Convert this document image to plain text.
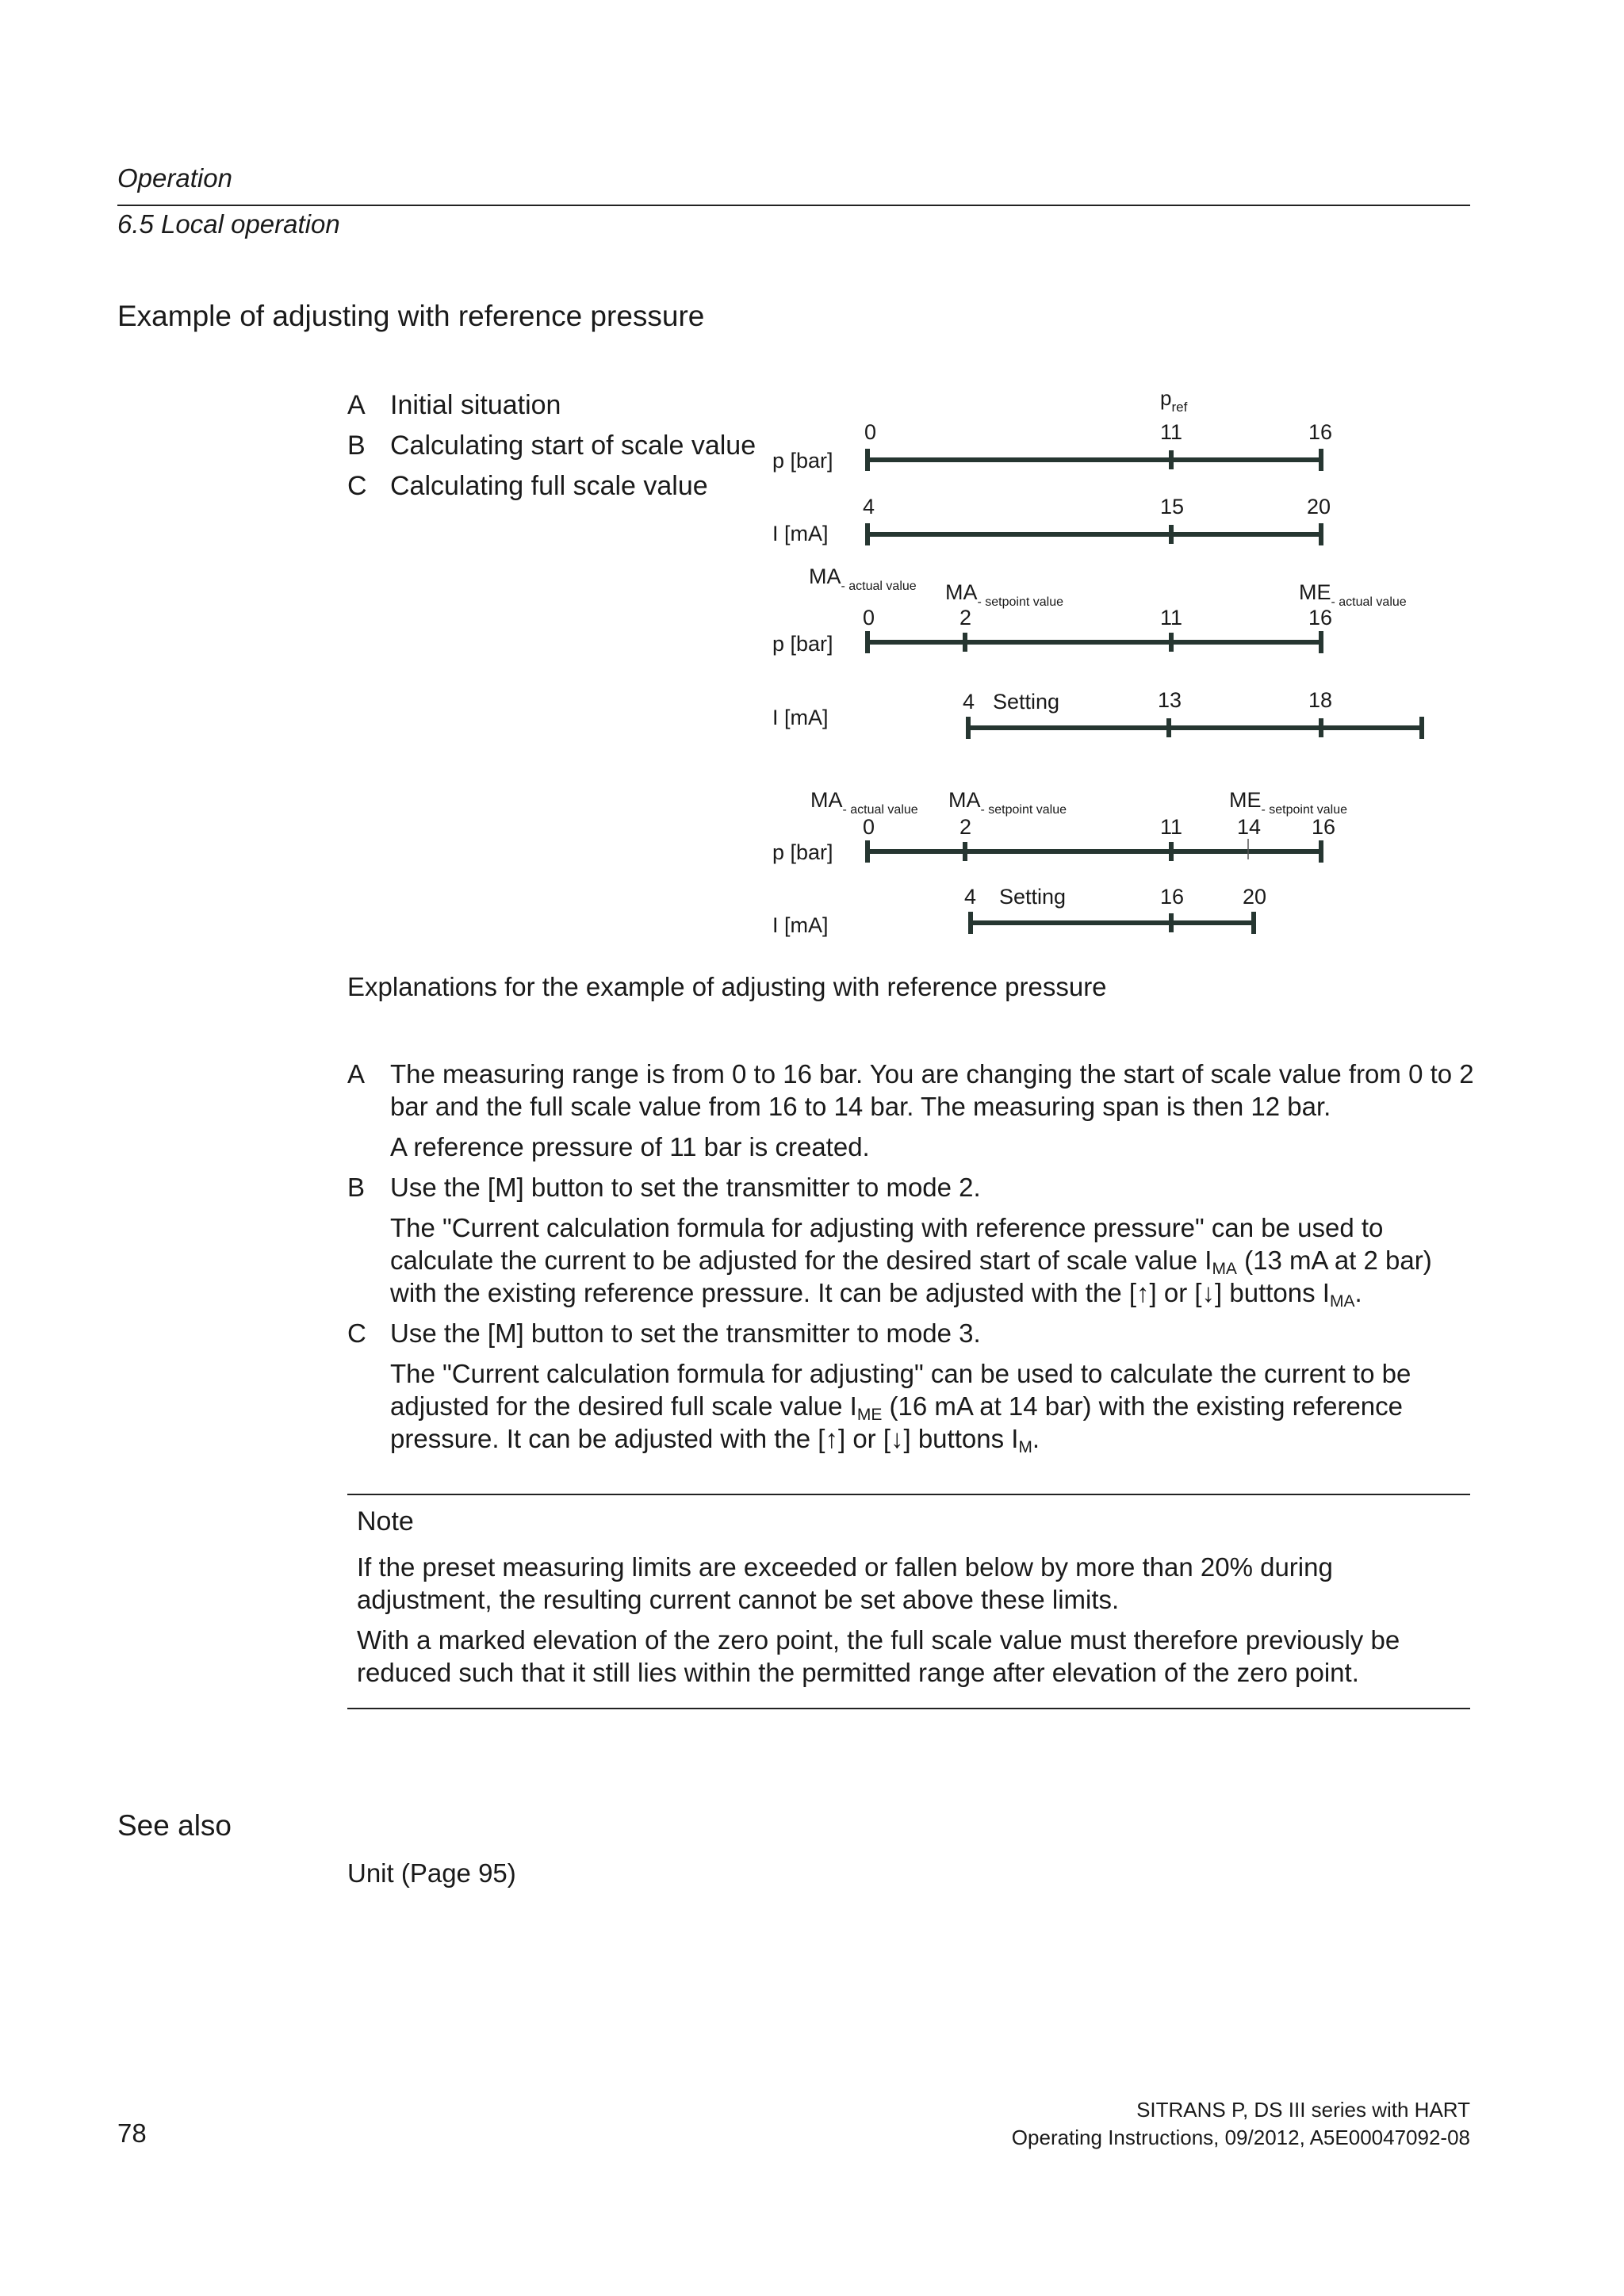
Operation
6.5 Local operation
Example of adjusting with reference pressure
A Initial situation
B Calculating start of scale value
C Calculating full scale value
p [bar]
I [mA]
p [bar]
I [mA]
p [bar]
I [mA]
$p_{ref}$
0	11	16
4	15	20
$MA_{- actual value}$ $MA_{- setpoint value}$	$ME_{- actual value}$
0	2	11	16
4 Setting	13	18
$MA_{- actual value}$ $MA_{- setpoint value}$	$ME_{- setpoint value}$
0	2	11	14 16
4 Setting	16	20
Explanations for the example of adjusting with reference pressure
A The measuring range is from 0 to 16 bar. You are changing the start of scale value from 0 to 2 bar and the full scale value from 16 to 14 bar. The measuring span is then 12 bar.

A reference pressure of 11 bar is created.

B Use the [M] button to set the transmitter to mode 2.

The "Current calculation formula for adjusting with reference pressure" can be used to calculate the current to be adjusted for the desired start of scale value $I_{MA}$ (13 mA at 2 bar) with the existing reference pressure. It can be adjusted with the [↑] or [↓] buttons $I_{MA}$.

C Use the [M] button to set the transmitter to mode 3.

The "Current calculation formula for adjusting" can be used to calculate the current to be adjusted for the desired full scale value $I_{ME}$ (16 mA at 14 bar) with the existing reference pressure. It can be adjusted with the [↑] or [↓] buttons $I_M$.

Note

If the preset measuring limits are exceeded or fallen below by more than 20% during adjustment, the resulting current cannot be set above these limits.

With a marked elevation of the zero point, the full scale value must therefore previously be reduced such that it still lies within the permitted range after elevation of the zero point.

See also
Unit (Page 95)
78
SITRANS P, DS III series with HART
Operating Instructions, 09/2012, A5E00047092-08
